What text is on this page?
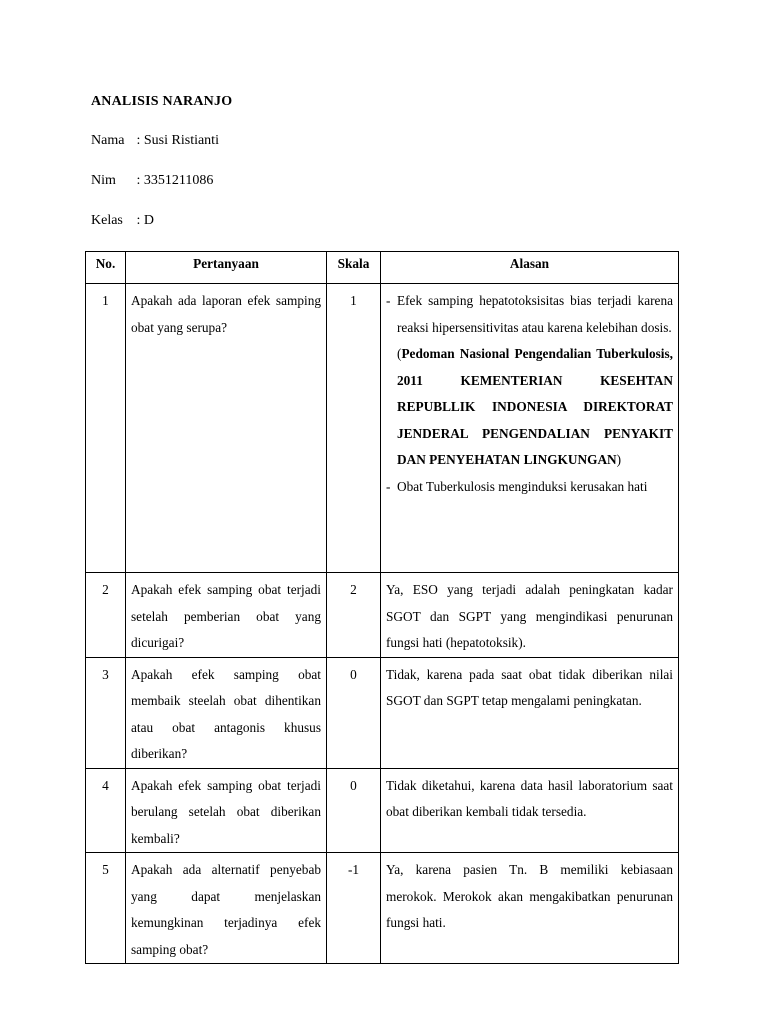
ANALISIS NARANJO
Nama : Susi Ristianti
Nim : 3351211086
Kelas : D
No.	Pertanyaan	Skala	Alasan

1	Apakah ada laporan efek samping obat yang serupa?	1	- Efek samping hepatotoksisitas bias terjadi karena reaksi hipersensitivitas atau karena kelebihan dosis.
(Pedoman Nasional Pengendalian Tuberkulosis, 2011 KEMENTERIAN KESEHTAN REPUBLLIK INDONESIA DIREKTORAT JENDERAL PENGENDALIAN PENYAKIT DAN PENYEHATAN LINGKUNGAN)
- Obat Tuberkulosis menginduksi kerusakan hati

2	Apakah efek samping obat terjadi setelah pemberian obat yang dicurigai?	2	Ya, ESO yang terjadi adalah peningkatan kadar SGOT dan SGPT yang mengindikasi penurunan fungsi hati (hepatotoksik).

3	Apakah efek samping obat membaik steelah obat dihentikan atau obat antagonis khusus diberikan?	0	Tidak, karena pada saat obat tidak diberikan nilai SGOT dan SGPT tetap mengalami peningkatan.

4	Apakah efek samping obat terjadi berulang setelah obat diberikan kembali?	0	Tidak diketahui, karena data hasil laboratorium saat obat diberikan kembali tidak tersedia.

5	Apakah ada alternatif penyebab yang dapat menjelaskan kemungkinan terjadinya efek samping obat?	-1	Ya, karena pasien Tn. B memiliki kebiasaan merokok. Merokok akan mengakibatkan penurunan fungsi hati.
